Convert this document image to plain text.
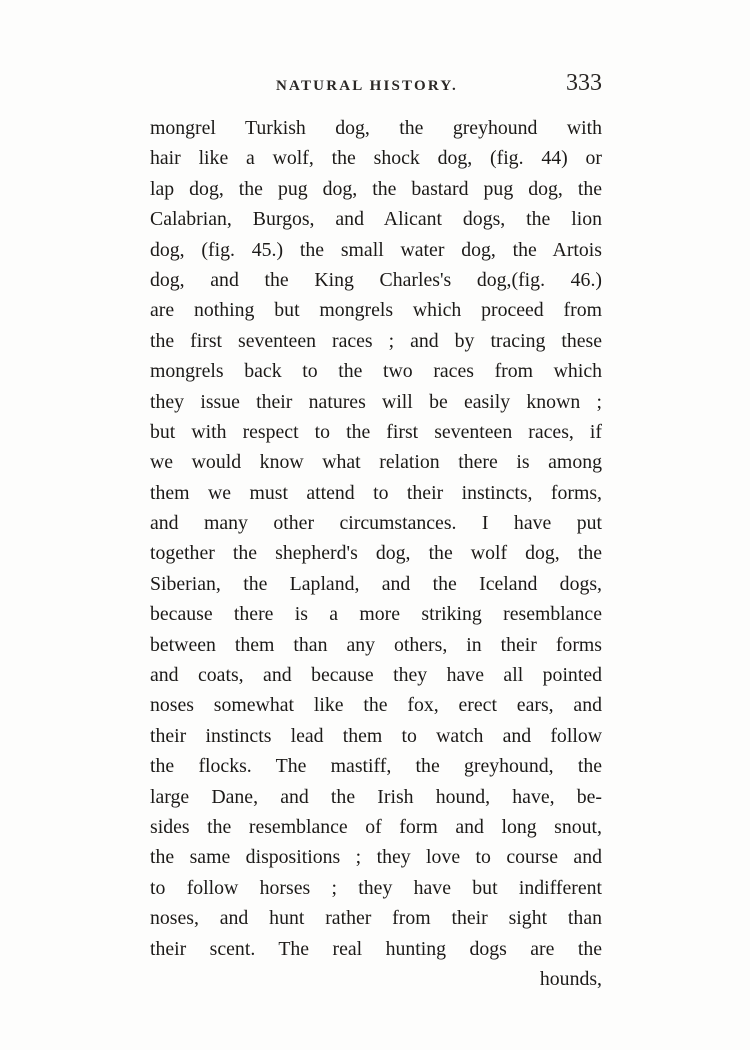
NATURAL HISTORY.	333
mongrel Turkish dog, the greyhound with
hair like a wolf, the shock dog, (fig. 44) or
lap dog, the pug dog, the bastard pug dog, the
Calabrian, Burgos, and Alicant dogs, the lion
dog, (fig. 45.) the small water dog, the Artois
dog, and the King Charles's dog,(fig. 46.)
are nothing but mongrels which proceed from
the first seventeen races ; and by tracing these
mongrels back to the two races from which
they issue their natures will be easily known ;
but with respect to the first seventeen races, if
we would know what relation there is among
them we must attend to their instincts, forms,
and many other circumstances. I have put
together the shepherd's dog, the wolf dog, the
Siberian, the Lapland, and the Iceland dogs,
because there is a more striking resemblance
between them than any others, in their forms
and coats, and because they have all pointed
noses somewhat like the fox, erect ears, and
their instincts lead them to watch and follow
the flocks. The mastiff, the greyhound, the
large Dane, and the Irish hound, have, be-
sides the resemblance of form and long snout,
the same dispositions ; they love to course and
to follow horses ; they have but indifferent
noses, and hunt rather from their sight than
their scent. The real hunting dogs are the
hounds,
